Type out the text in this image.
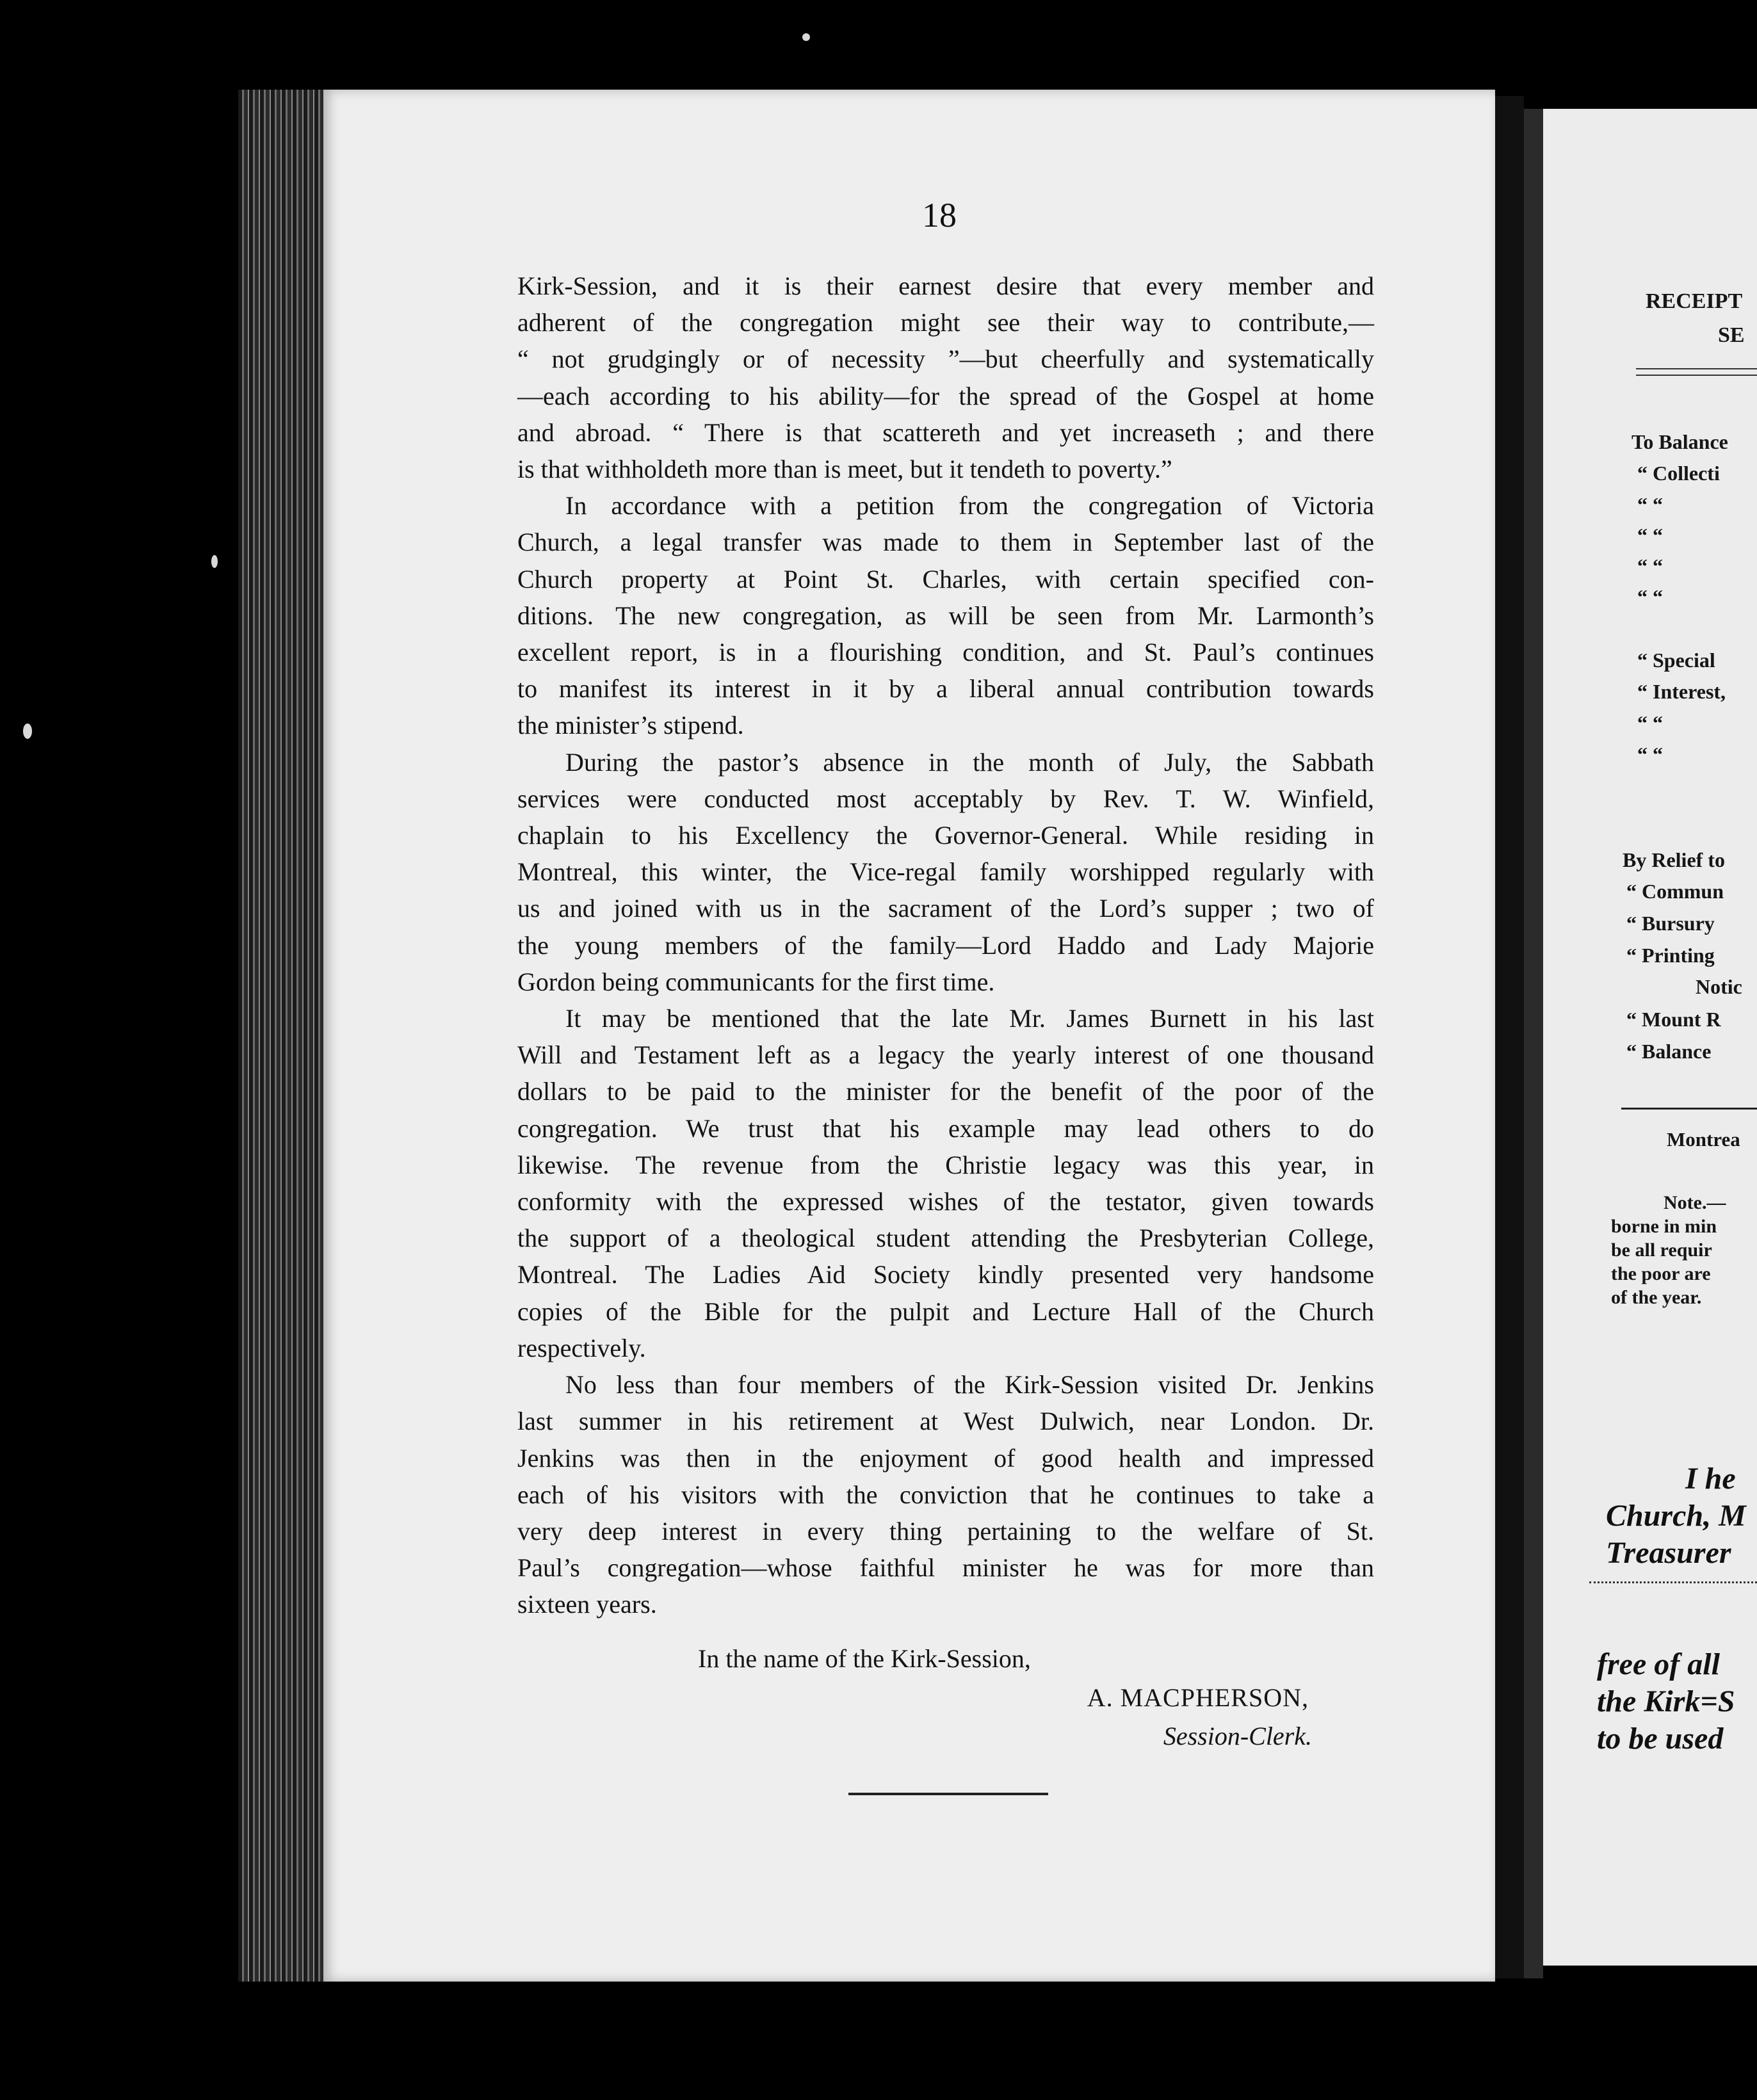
18

Kirk-Session, and it is their earnest desire that every member and

adherent of the congregation might see their way to contribute,—

“ not grudgingly or of necessity ”—but cheerfully and systematically

—each according to his ability—for the spread of the Gospel at home

and abroad. “ There is that scattereth and yet increaseth ; and there

is that withholdeth more than is meet, but it tendeth to poverty.”

In accordance with a petition from the congregation of Victoria

Church, a legal transfer was made to them in September last of the

Church property at Point St. Charles, with certain specified con-

ditions. The new congregation, as will be seen from Mr. Larmonth’s

excellent report, is in a flourishing condition, and St. Paul’s continues

to manifest its interest in it by a liberal annual contribution towards

the minister’s stipend.

During the pastor’s absence in the month of July, the Sabbath

services were conducted most acceptably by Rev. T. W. Winfield,

chaplain to his Excellency the Governor-General. While residing in

Montreal, this winter, the Vice-regal family worshipped regularly with

us and joined with us in the sacrament of the Lord’s supper ; two of

the young members of the family—Lord Haddo and Lady Majorie

Gordon being communicants for the first time.

It may be mentioned that the late Mr. James Burnett in his last

Will and Testament left as a legacy the yearly interest of one thousand

dollars to be paid to the minister for the benefit of the poor of the

congregation. We trust that his example may lead others to do

likewise. The revenue from the Christie legacy was this year, in

conformity with the expressed wishes of the testator, given towards

the support of a theological student attending the Presbyterian College,

Montreal. The Ladies Aid Society kindly presented very handsome

copies of the Bible for the pulpit and Lecture Hall of the Church

respectively.

No less than four members of the Kirk-Session visited Dr. Jenkins

last summer in his retirement at West Dulwich, near London. Dr.

Jenkins was then in the enjoyment of good health and impressed

each of his visitors with the conviction that he continues to take a

very deep interest in every thing pertaining to the welfare of St.

Paul’s congregation—whose faithful minister he was for more than

sixteen years.

In the name of the Kirk-Session,
A. MACPHERSON,
Session-Clerk.
RECEIPT
SE
To Balance
“ Collecti
“ “
“ “
“ “
“ “
“ Special
“ Interest,
“ “
“ “
By Relief to
“ Commun
“ Bursury
“ Printing
Notic
“ Mount R
“ Balance
Montrea
Note.—
borne in min
be all requir
the poor are
of the year.
I he
Church, M
Treasurer
free of all
the Kirk=S
to be used
